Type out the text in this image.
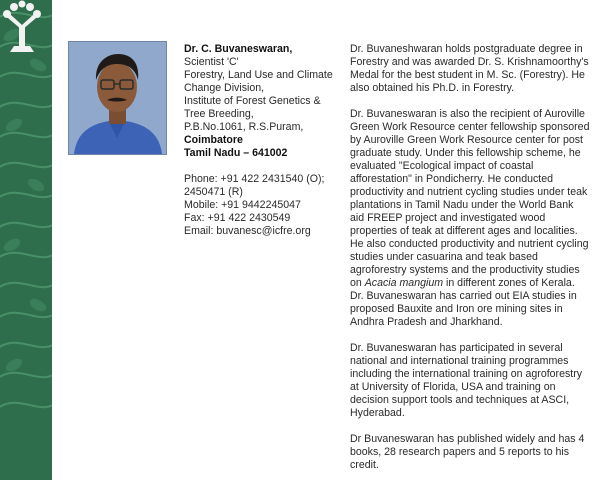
Dr. C. Buvaneswaran,
Scientist 'C'
Forestry, Land Use and Climate
Change Division,
Institute of Forest Genetics &
Tree Breeding,
P.B.No.1061, R.S.Puram,
Coimbatore
Tamil Nadu – 641002
Phone: +91 422 2431540 (O);
2450471 (R)
Mobile: +91 9442245047
Fax: +91 422 2430549
Email: buvanesc@icfre.org

Dr. Buvaneshwaran holds postgraduate degree in Forestry and was awarded Dr. S. Krishnamoorthy's Medal for the best student in M. Sc. (Forestry). He also obtained his Ph.D. in Forestry.

Dr. Buvaneswaran is also the recipient of Auroville Green Work Resource center fellowship sponsored by Auroville Green Work Resource center for post graduate study. Under this fellowship scheme, he evaluated "Ecological impact of coastal afforestation" in Pondicherry. He conducted productivity and nutrient cycling studies under teak plantations in Tamil Nadu under the World Bank aid FREEP project and investigated wood properties of teak at different ages and localities. He also conducted productivity and nutrient cycling studies under casuarina and teak based agroforestry systems and the productivity studies on Acacia mangium in different zones of Kerala. Dr. Buvaneswaran has carried out EIA studies in proposed Bauxite and Iron ore mining sites in Andhra Pradesh and Jharkhand.

Dr. Buvaneswaran has participated in several national and international training programmes including the international training on agroforestry at University of Florida, USA and training on decision support tools and techniques at ASCI, Hyderabad.

Dr Buvaneswaran has published widely and has 4 books, 28 research papers and 5 reports to his credit.
